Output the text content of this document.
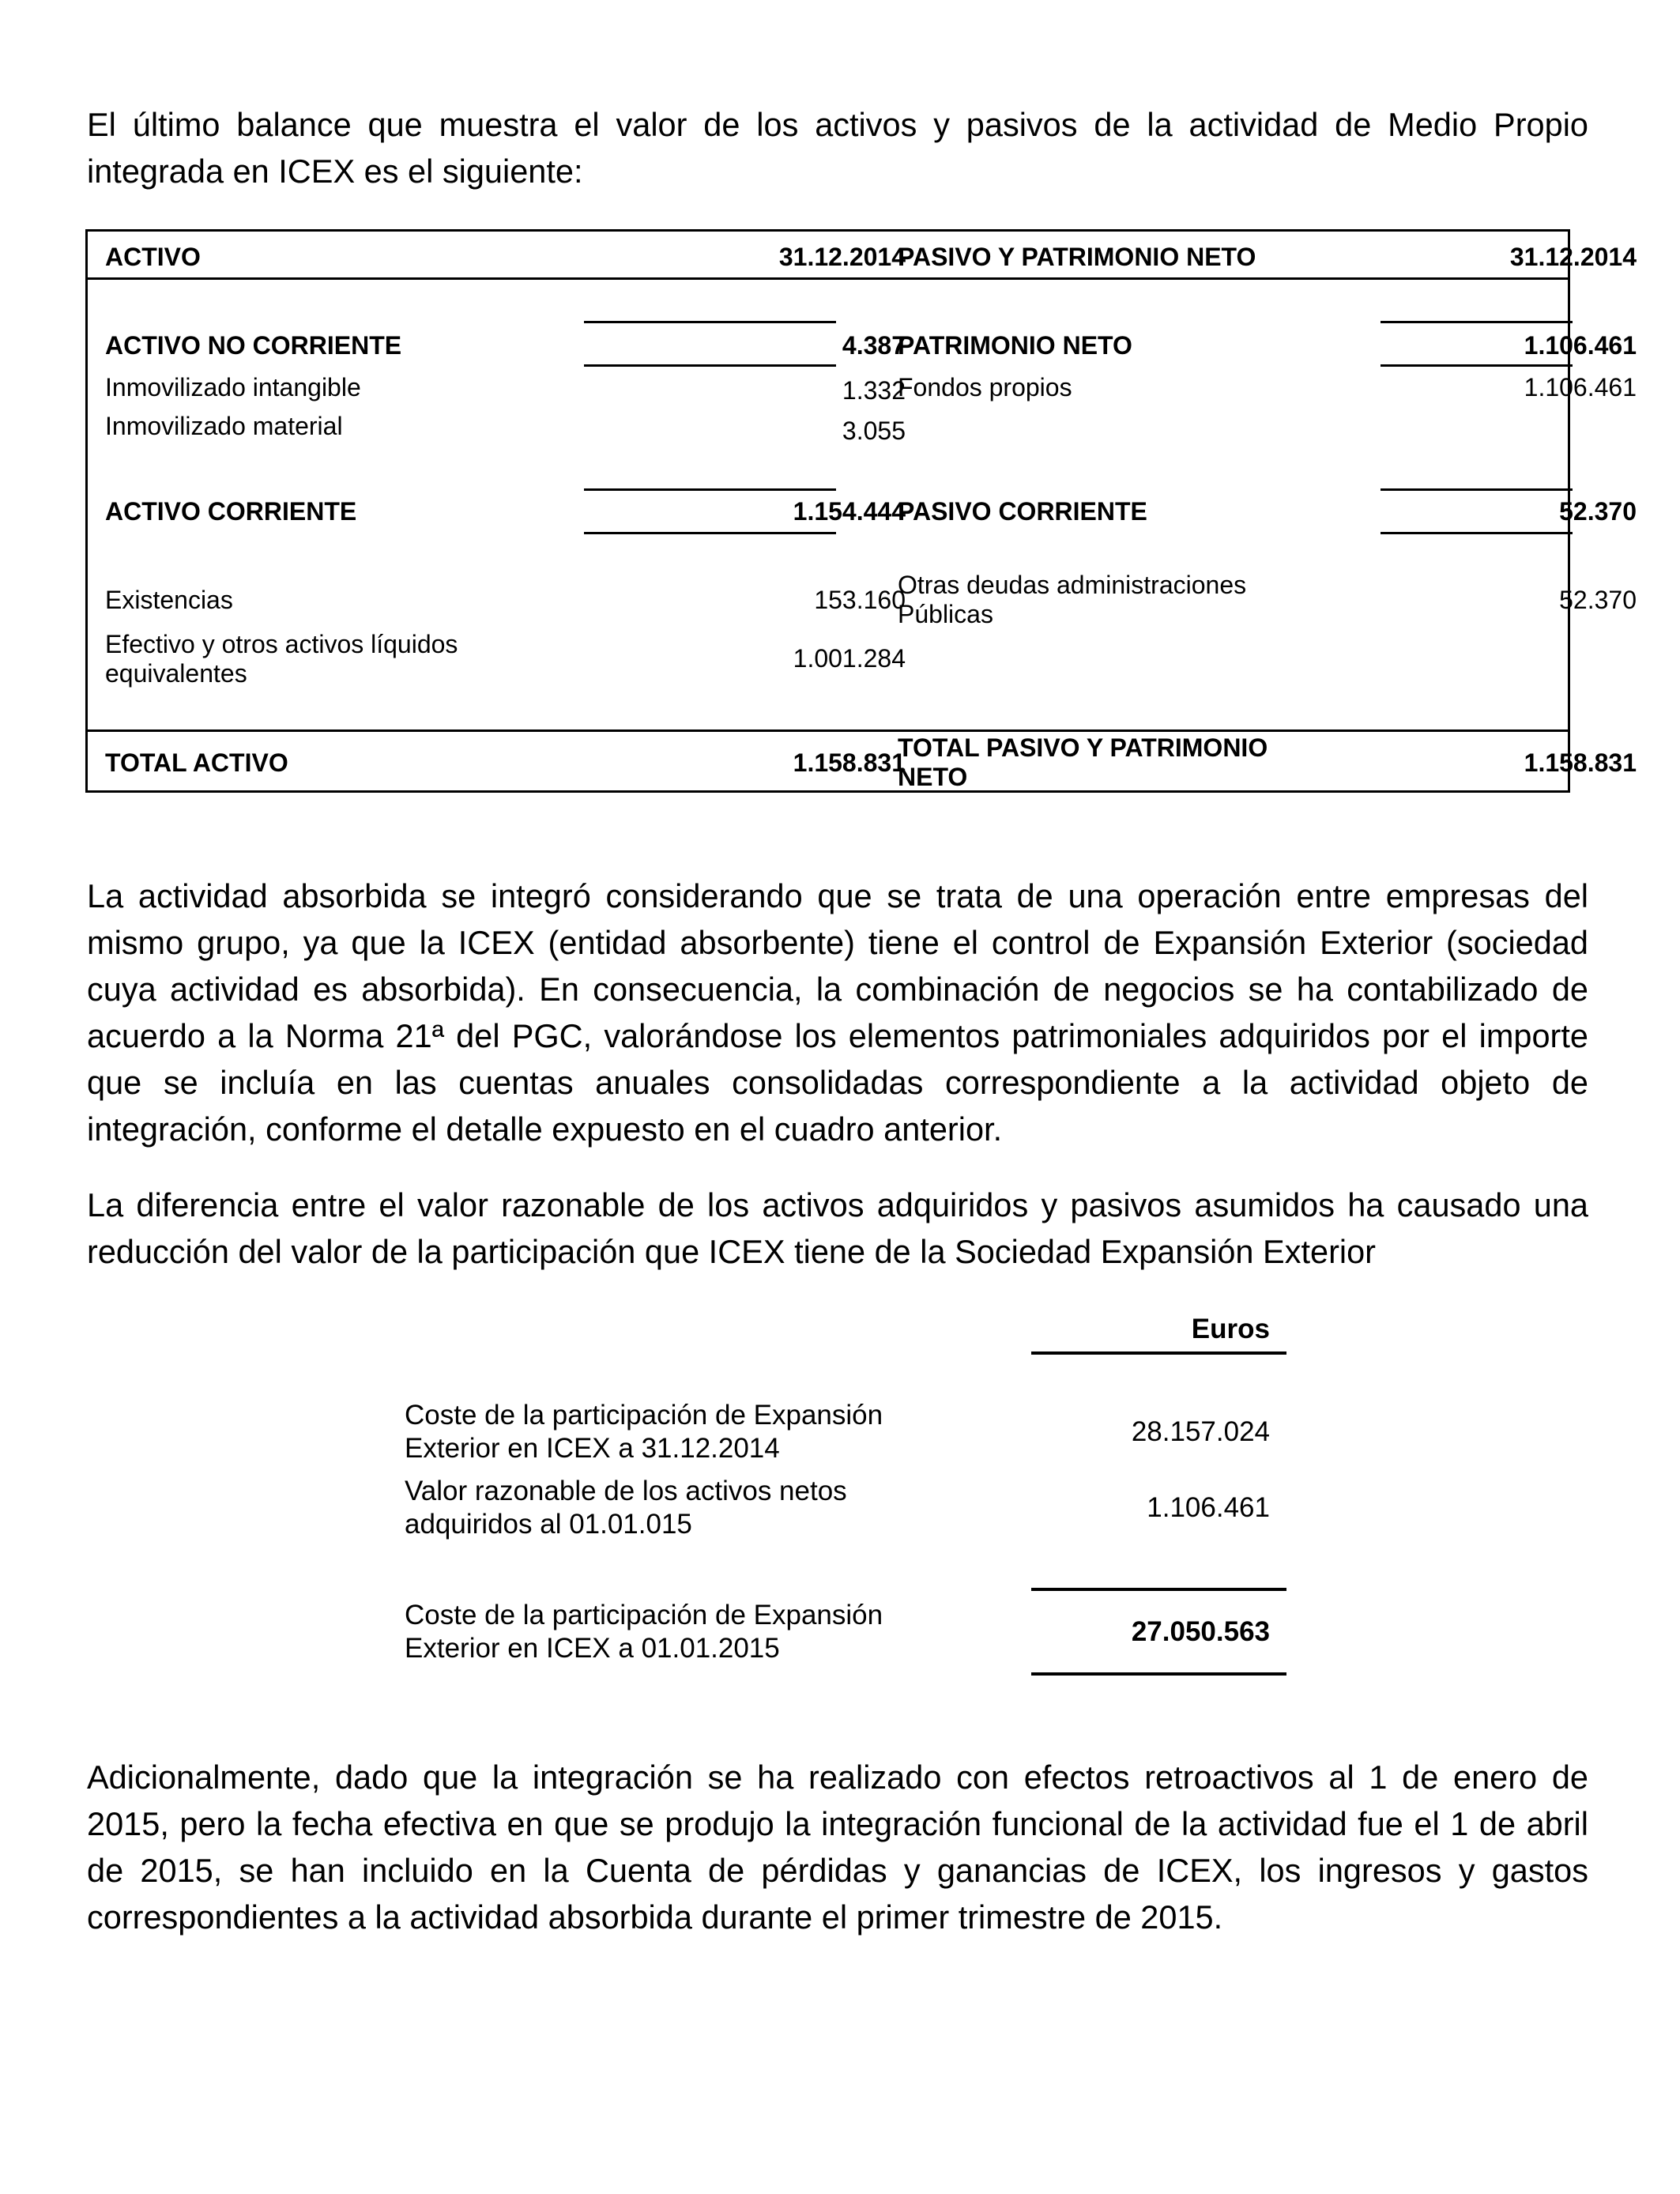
El último balance que muestra el valor de los activos y pasivos de la actividad de Medio Propio integrada en ICEX es el siguiente:

ACTIVO	31.12.2014
PASIVO Y PATRIMONIO NETO	31.12.2014
ACTIVO NO CORRIENTE	4.387
Inmovilizado intangible	1.332
Inmovilizado material	3.055
PATRIMONIO NETO	1.106.461
Fondos propios	1.106.461
ACTIVO CORRIENTE	1.154.444
PASIVO CORRIENTE	52.370
Existencias	153.160
Efectivo y otros activos líquidos
equivalentes
1.001.284
Otras deudas administraciones
Públicas	52.370
TOTAL ACTIVO	1.158.831
TOTAL PASIVO Y PATRIMONIO
NETO	1.158.831

La actividad absorbida se integró considerando que se trata de una operación entre empresas del mismo grupo, ya que la ICEX (entidad absorbente) tiene el control de Expansión Exterior (sociedad cuya actividad es absorbida). En consecuencia, la combinación de negocios se ha contabilizado de acuerdo a la Norma 21ª del PGC, valorándose los elementos patrimoniales adquiridos por el importe que se incluía en las cuentas anuales consolidadas correspondiente a la actividad objeto de integración, conforme el detalle expuesto en el cuadro anterior.

La diferencia entre el valor razonable de los activos adquiridos y pasivos asumidos ha causado una reducción del valor de la participación que ICEX tiene de la Sociedad Expansión Exterior

Euros
Coste de la participación de Expansión
Exterior en ICEX a 31.12.2014
28.157.024
Valor razonable de los activos netos
adquiridos al 01.01.015
1.106.461
Coste de la participación de Expansión
Exterior en ICEX a 01.01.2015
27.050.563

Adicionalmente, dado que la integración se ha realizado con efectos retroactivos al 1 de enero de 2015, pero la fecha efectiva en que se produjo la integración funcional de la actividad fue el 1 de abril de 2015, se han incluido en la Cuenta de pérdidas y ganancias de ICEX, los ingresos y gastos correspondientes a la actividad absorbida durante el primer trimestre de 2015.
